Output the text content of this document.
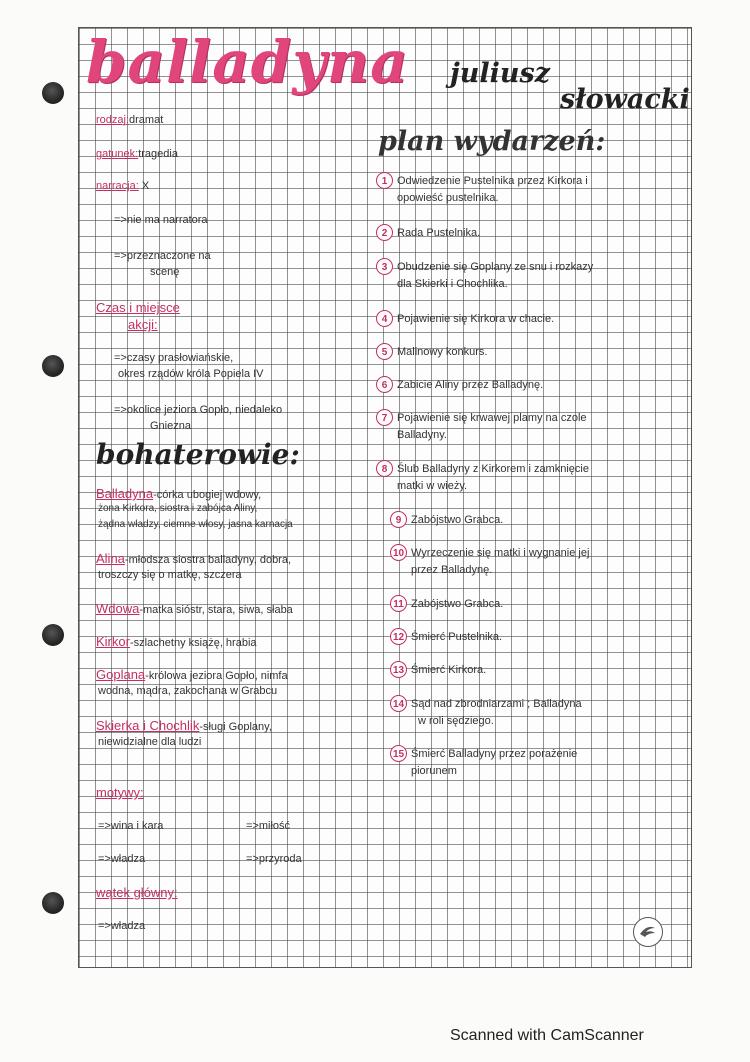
balladyna juliusz
słowacki
plan wydarzeń:
rodzaj:dramat
gatunek:tragedia
narracja: X
=>nie ma narratora
=>przeznaczone na
scenę
Czas i miejsce
akcji:
=>czasy prasłowiańskie,
okres rządów króla Popiela IV
=>okolice jeziora Gopło, niedaleko
Gniezna
bohaterowie:
Balladyna-córka ubogiej wdowy,
żona Kirkora, siostra i zabójca Aliny,
żądna władzy, ciemne włosy, jasna karnacja
Alina-młodsza siostra balladyny, dobra,
troszczy się o matkę, szczera
Wdowa-matka sióstr, stara, siwa, słaba
Kirkor-szlachetny książę, hrabia
Goplana-królowa jeziora Gopło, nimfa
wodna, mądra, zakochana w Grabcu
Skierka i Chochlik-sługi Goplany,
niewidzialne dla ludzi
motywy:
=>wina i kara	=>miłość
=>władza	=>przyroda
wątek główny:
=>władza
1 Odwiedzenie Pustelnika przez Kirkora i
opowieść pustelnika.
2 Rada Pustelnika.
3 Obudzenie się Goplany ze snu i rozkazy
dla Skierki i Chochlika.
4 Pojawienie się Kirkora w chacie.
5 Malinowy konkurs.
6 Zabicie Aliny przez Balladynę.
7 Pojawienie się krwawej plamy na czole
Balladyny.
8 Ślub Balladyny z Kirkorem i zamknięcie
matki w wieży.
9 Zabójstwo Grabca.
10 Wyrzeczenie się matki i wygnanie jej
przez Balladynę.
11 Zabójstwo Grabca.
12 Śmierć Pustelnika.
13 Śmierć Kirkora.
14 Sąd nad zbrodniarzami ; Balladyna
w roli sędziego.
15 Śmierć Balladyny przez porażenie
piorunem
Scanned with CamScanner
